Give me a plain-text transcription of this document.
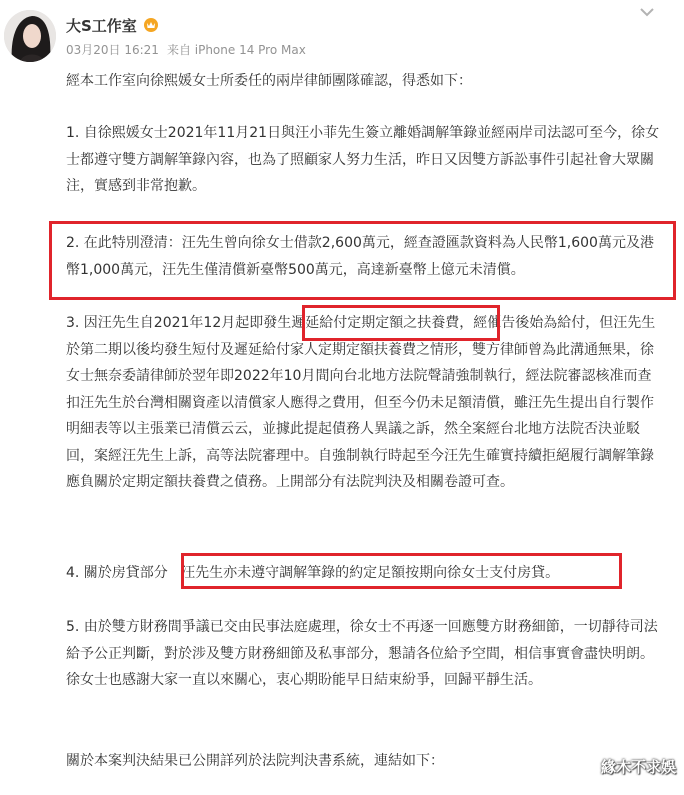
大S工作室
03月20日 16:21 来自 iPhone 14 Pro Max

經本工作室向徐熙媛女士所委任的兩岸律師團隊確認，得悉如下：

1. 自徐熙媛女士2021年11月21日與汪小菲先生簽立離婚調解筆錄並經兩岸司法認可至今，徐女士都遵守雙方調解筆錄內容，也為了照顧家人努力生活，昨日又因雙方訴訟事件引起社會大眾關注，實感到非常抱歉。

2. 在此特別澄清：汪先生曾向徐女士借款2,600萬元，經查證匯款資料為人民幣1,600萬元及港幣1,000萬元，汪先生僅清償新臺幣500萬元，高達新臺幣上億元未清償。

3. 因汪先生自2021年12月起即發生遲延給付定期定額之扶養費，經催告後始為給付，但汪先生於第二期以後均發生短付及遲延給付家人定期定額扶養費之情形，雙方律師曾為此溝通無果，徐女士無奈委請律師於翌年即2022年10月間向台北地方法院聲請強制執行，經法院審認核准而查扣汪先生於台灣相關資產以清償家人應得之費用，但至今仍未足額清償，雖汪先生提出自行製作明細表等以主張業已清償云云，並據此提起債務人異議之訴，然全案經台北地方法院否決並駁回，案經汪先生上訴，高等法院審理中。自強制執行時起至今汪先生確實持續拒絕履行調解筆錄應負關於定期定額扶養費之債務。上開部分有法院判決及相關卷證可查。

4. 關於房貸部分 汪先生亦未遵守調解筆錄的約定足額按期向徐女士支付房貸。

5. 由於雙方財務間爭議已交由民事法庭處理，徐女士不再逐一回應雙方財務細節，一切靜待司法給予公正判斷，對於涉及雙方財務細節及私事部分，懇請各位給予空間，相信事實會盡快明朗。徐女士也感謝大家一直以來關心，衷心期盼能早日結束紛爭，回歸平靜生活。

關於本案判決結果已公開詳列於法院判決書系統，連結如下：	緣木不求娛
